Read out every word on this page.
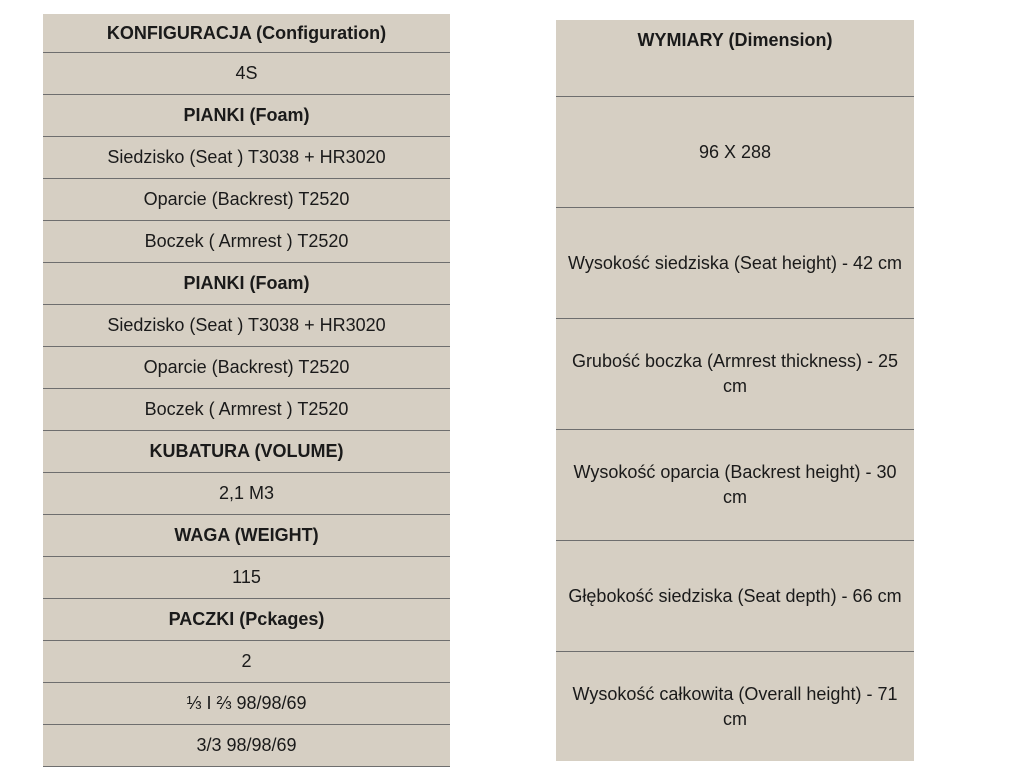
KONFIGURACJA (Configuration)
4S
PIANKI (Foam)
Siedzisko (Seat ) T3038 + HR3020
Oparcie (Backrest) T2520
Boczek ( Armrest ) T2520
PIANKI (Foam)
Siedzisko (Seat ) T3038 + HR3020
Oparcie (Backrest) T2520
Boczek ( Armrest ) T2520
KUBATURA (VOLUME)
2,1 M3
WAGA (WEIGHT)
115
PACZKI (Pckages)
2
⅓ I ⅔ 98/98/69
3/3 98/98/69
WYMIARY (Dimension)
96 X 288
Wysokość siedziska (Seat height) - 42 cm
Grubość boczka (Armrest thickness) - 25 cm
Wysokość oparcia (Backrest height) - 30 cm
Głębokość siedziska (Seat depth) - 66 cm
Wysokość całkowita (Overall height) - 71 cm
